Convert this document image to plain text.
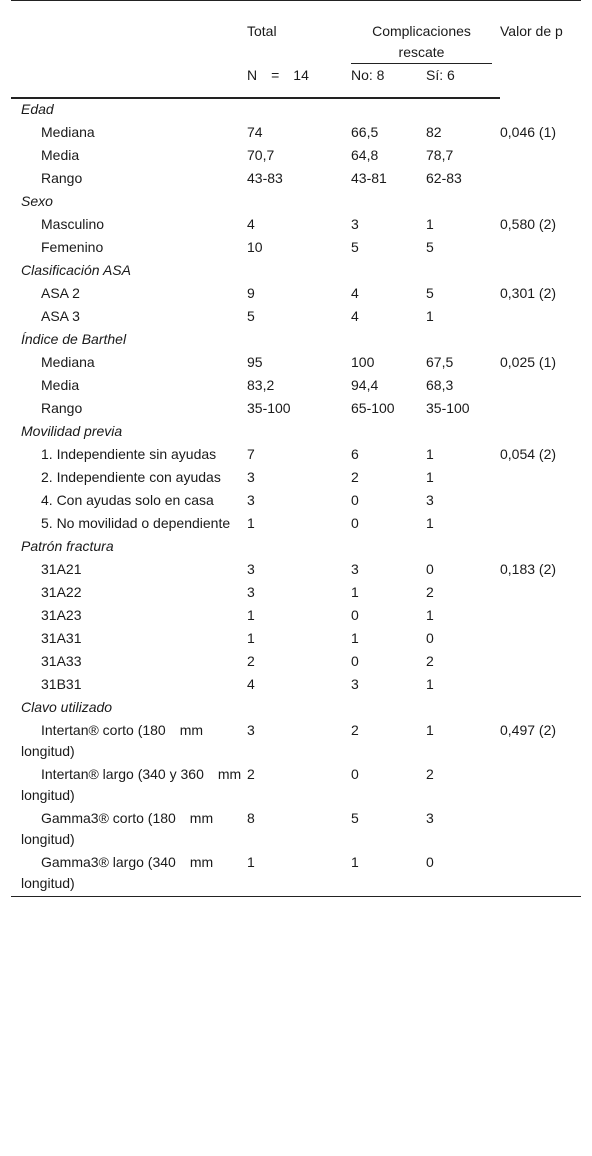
	Total	Complicaciones rescate		Valor de p
	N = 14	No: 8	Sí: 6	
Edad				
Mediana	74	66,5	82	0,046 (1)
Media	70,7	64,8	78,7	
Rango	43-83	43-81	62-83	
Sexo				
Masculino	4	3	1	0,580 (2)
Femenino	10	5	5	
Clasificación ASA				
ASA 2	9	4	5	0,301 (2)
ASA 3	5	4	1	
Índice de Barthel				
Mediana	95	100	67,5	0,025 (1)
Media	83,2	94,4	68,3	
Rango	35-100	65-100	35-100	
Movilidad previa				
1. Independiente sin ayudas	7	6	1	0,054 (2)
2. Independiente con ayudas	3	2	1	
4. Con ayudas solo en casa	3	0	3	
5. No movilidad o dependiente	1	0	1	
Patrón fractura				
31A21	3	3	0	0,183 (2)
31A22	3	1	2	
31A23	1	0	1	
31A31	1	1	0	
31A33	2	0	2	
31B31	4	3	1	
Clavo utilizado				
Intertan® corto (180 mm longitud)	3	2	1	0,497 (2)
Intertan® largo (340 y 360 mm longitud)	2	0	2	
Gamma3® corto (180 mm longitud)	8	5	3	
Gamma3® largo (340 mm longitud)	1	1	0	
